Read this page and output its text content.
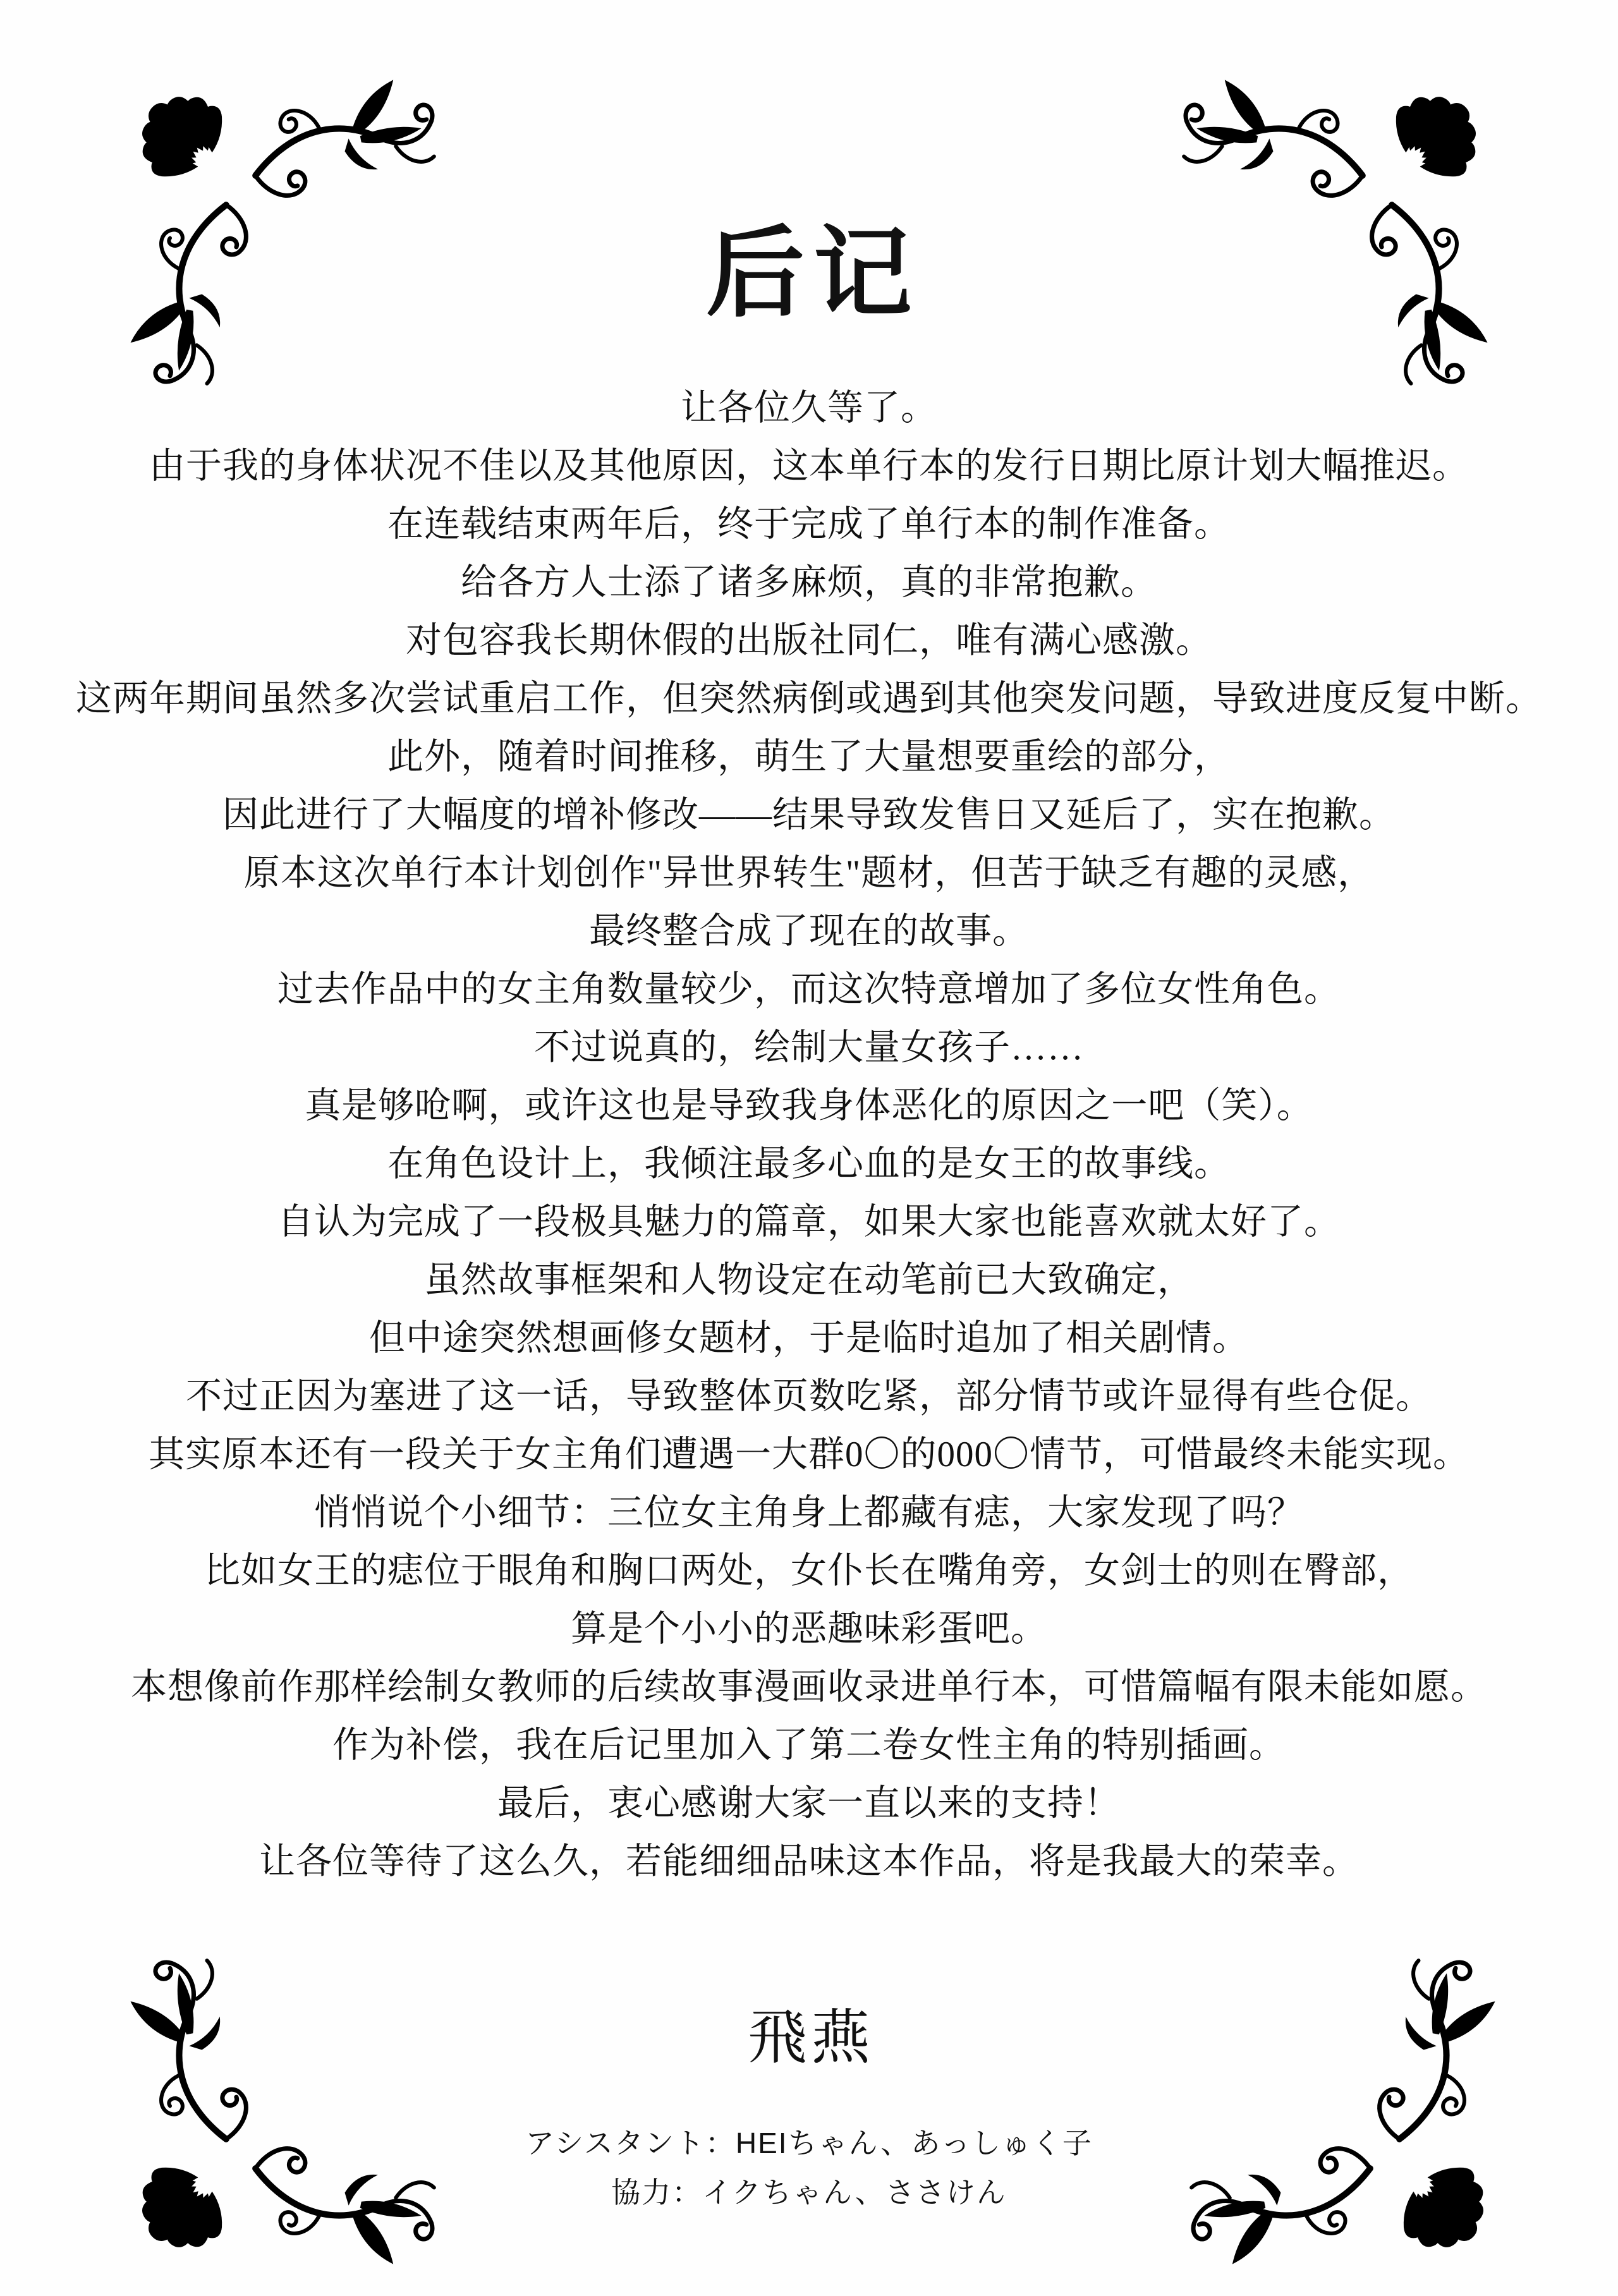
后记

让各位久等了。

由于我的身体状况不佳以及其他原因，这本单行本的发行日期比原计划大幅推迟。

在连载结束两年后，终于完成了单行本的制作准备。

给各方人士添了诸多麻烦，真的非常抱歉。

对包容我长期休假的出版社同仁，唯有满心感激。

这两年期间虽然多次尝试重启工作，但突然病倒或遇到其他突发问题，导致进度反复中断。

此外，随着时间推移，萌生了大量想要重绘的部分，

因此进行了大幅度的增补修改——结果导致发售日又延后了，实在抱歉。

原本这次单行本计划创作"异世界转生"题材，但苦于缺乏有趣的灵感，

最终整合成了现在的故事。

过去作品中的女主角数量较少，而这次特意增加了多位女性角色。

不过说真的，绘制大量女孩子……

真是够呛啊，或许这也是导致我身体恶化的原因之一吧（笑）。

在角色设计上，我倾注最多心血的是女王的故事线。

自认为完成了一段极具魅力的篇章，如果大家也能喜欢就太好了。

虽然故事框架和人物设定在动笔前已大致确定，

但中途突然想画修女题材，于是临时追加了相关剧情。

不过正因为塞进了这一话，导致整体页数吃紧，部分情节或许显得有些仓促。

其实原本还有一段关于女主角们遭遇一大群0〇的000〇情节，可惜最终未能实现。

悄悄说个小细节：三位女主角身上都藏有痣，大家发现了吗？

比如女王的痣位于眼角和胸口两处，女仆长在嘴角旁，女剑士的则在臀部，

算是个小小的恶趣味彩蛋吧。

本想像前作那样绘制女教师的后续故事漫画收录进单行本，可惜篇幅有限未能如愿。

作为补偿，我在后记里加入了第二卷女性主角的特别插画。

最后，衷心感谢大家一直以来的支持！

让各位等待了这么久，若能细细品味这本作品，将是我最大的荣幸。

飛燕

アシスタント：HEIちゃん、あっしゅく子

協力：イクちゃん、ささけん
